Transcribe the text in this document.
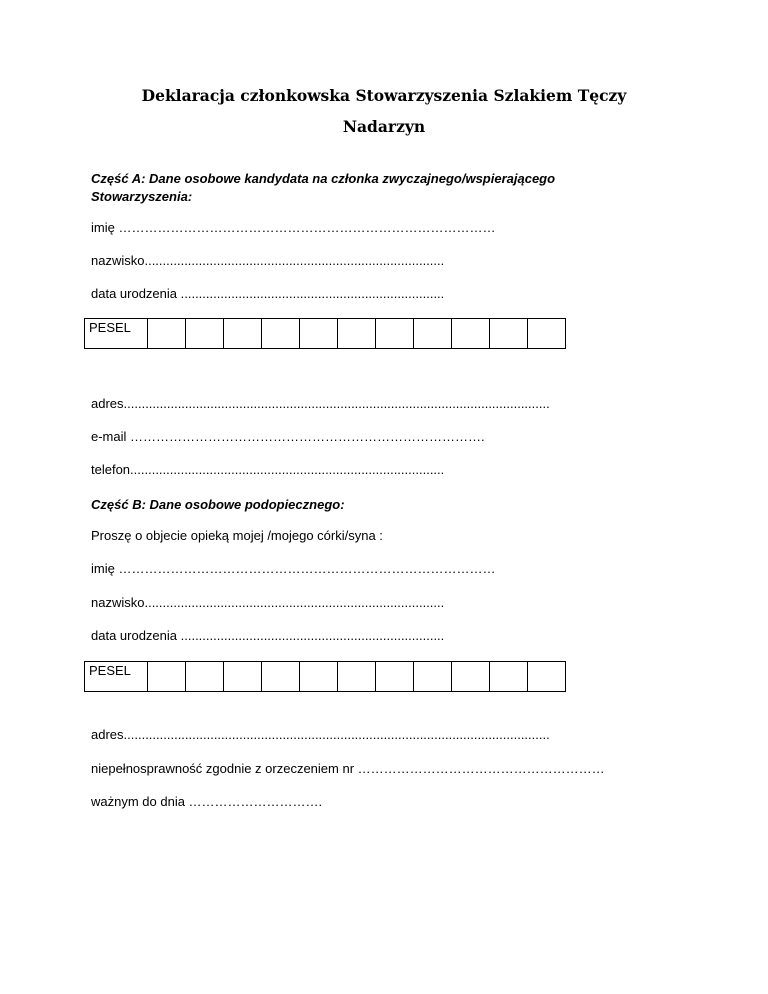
Deklaracja członkowska Stowarzyszenia Szlakiem Tęczy
Nadarzyn
Część A: Dane osobowe kandydata na członka zwyczajnego/wspierającego
Stowarzyszenia:
imię ……………………………………………………………………………
nazwisko...................................................................................
data urodzenia .........................................................................
PESEL											
adres......................................................................................................................
e-mail ……………………………………………………………………….
telefon.......................................................................................
Część B: Dane osobowe podopiecznego:
Proszę o objecie opieką mojej /mojego córki/syna :
imię ……………………………………………………………………………
nazwisko...................................................................................
data urodzenia .........................................................................
PESEL											
adres......................................................................................................................
niepełnosprawność zgodnie z orzeczeniem nr …………………………………………………
ważnym do dnia ………………………….
